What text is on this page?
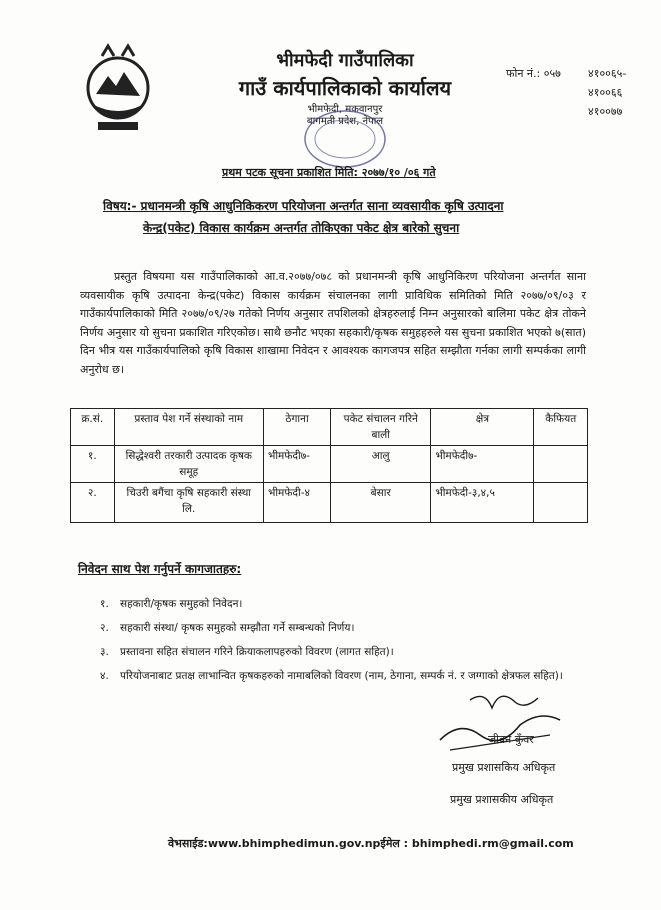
भीमफेदी गाउँपालिका
गाउँ कार्यपालिकाको कार्यालय
भीमफेदी, मकवानपुर
बागमती प्रदेश, नेपाल
फोन नं.: ०५७ ४१००६५-
४१००६६
४१००७७
प्रथम पटक सूचना प्रकाशित मिति: २०७७/१० /०६ गते
विषय:- प्रधानमन्त्री कृषि आधुनिकिकरण परियोजना अन्तर्गत साना व्यवसायीक कृषि उत्पादना
केन्द्र(पकेट) विकास कार्यक्रम अन्तर्गत तोकिएका पकेट क्षेत्र बारेको सुचना
प्रस्तुत विषयमा यस गाउँपालिकाको आ.व.२०७७/०७८ को प्रधानमन्त्री कृषि आधुनिकिरण परियोजना अन्तर्गत साना व्यवसायीक कृषि उत्पादना केन्द्र(पकेट) विकास कार्यक्रम संचालनका लागी प्राविधिक समितिको मिति २०७७/०९/०३ र गाउँकार्यपालिकाको मिति २०७७/०९/२७ गतेको निर्णय अनुसार तपशिलको क्षेत्रहरुलाई निम्न अनुसारको बालिमा पकेट क्षेत्र तोकने निर्णय अनुसार यो सुचना प्रकाशित गरिएकोछ। साथै छनौट भएका सहकारी/कृषक समुहहरुले यस सुचना प्रकाशित भएको ७(सात) दिन भीत्र यस गाउँकार्यपालिको कृषि विकास शाखामा निवेदन र आवश्यक कागजपत्र सहित सम्झौता गर्नका लागी सम्पर्कका लागी अनुरोध छ।
क्र.सं.	प्रस्ताव पेश गर्ने संस्थाको नाम	ठेगाना	पकेट संचालन गरिने बाली	क्षेत्र	कैफियत
१.	सिद्धेश्वरी तरकारी उत्पादक कृषक समूह	भीमफेदी७-	आलु	भीमफेदी७-	
२.	चिउरी बगैंचा कृषि सहकारी संस्था लि.	भीमफेदी-४	बेसार	भीमफेदी-३,४,५	
निवेदन साथ पेश गर्नुपर्ने कागजातहरु:
१. सहकारी/कृषक समुहको निवेदन।
२. सहकारी संस्था/ कृषक समुहको सम्झौता गर्ने सम्बन्धको निर्णय।
३. प्रस्तावना सहित संचालन गरिने क्रियाकलापहरुको विवरण (लागत सहित)।
४. परियोजनाबाट प्रतक्ष लाभान्वित कृषकहरुको नामाबलिको विवरण (नाम, ठेगाना, सम्पर्क नं. र जग्गाको क्षेत्रफल सहित)।
जीवन कुँवर
प्रमुख प्रशासकिय अधिकृत
प्रमुख प्रशासकीय अधिकृत
वेभसाईड:www.bhimphedimun.gov.npईमेल : bhimphedi.rm@gmail.com
